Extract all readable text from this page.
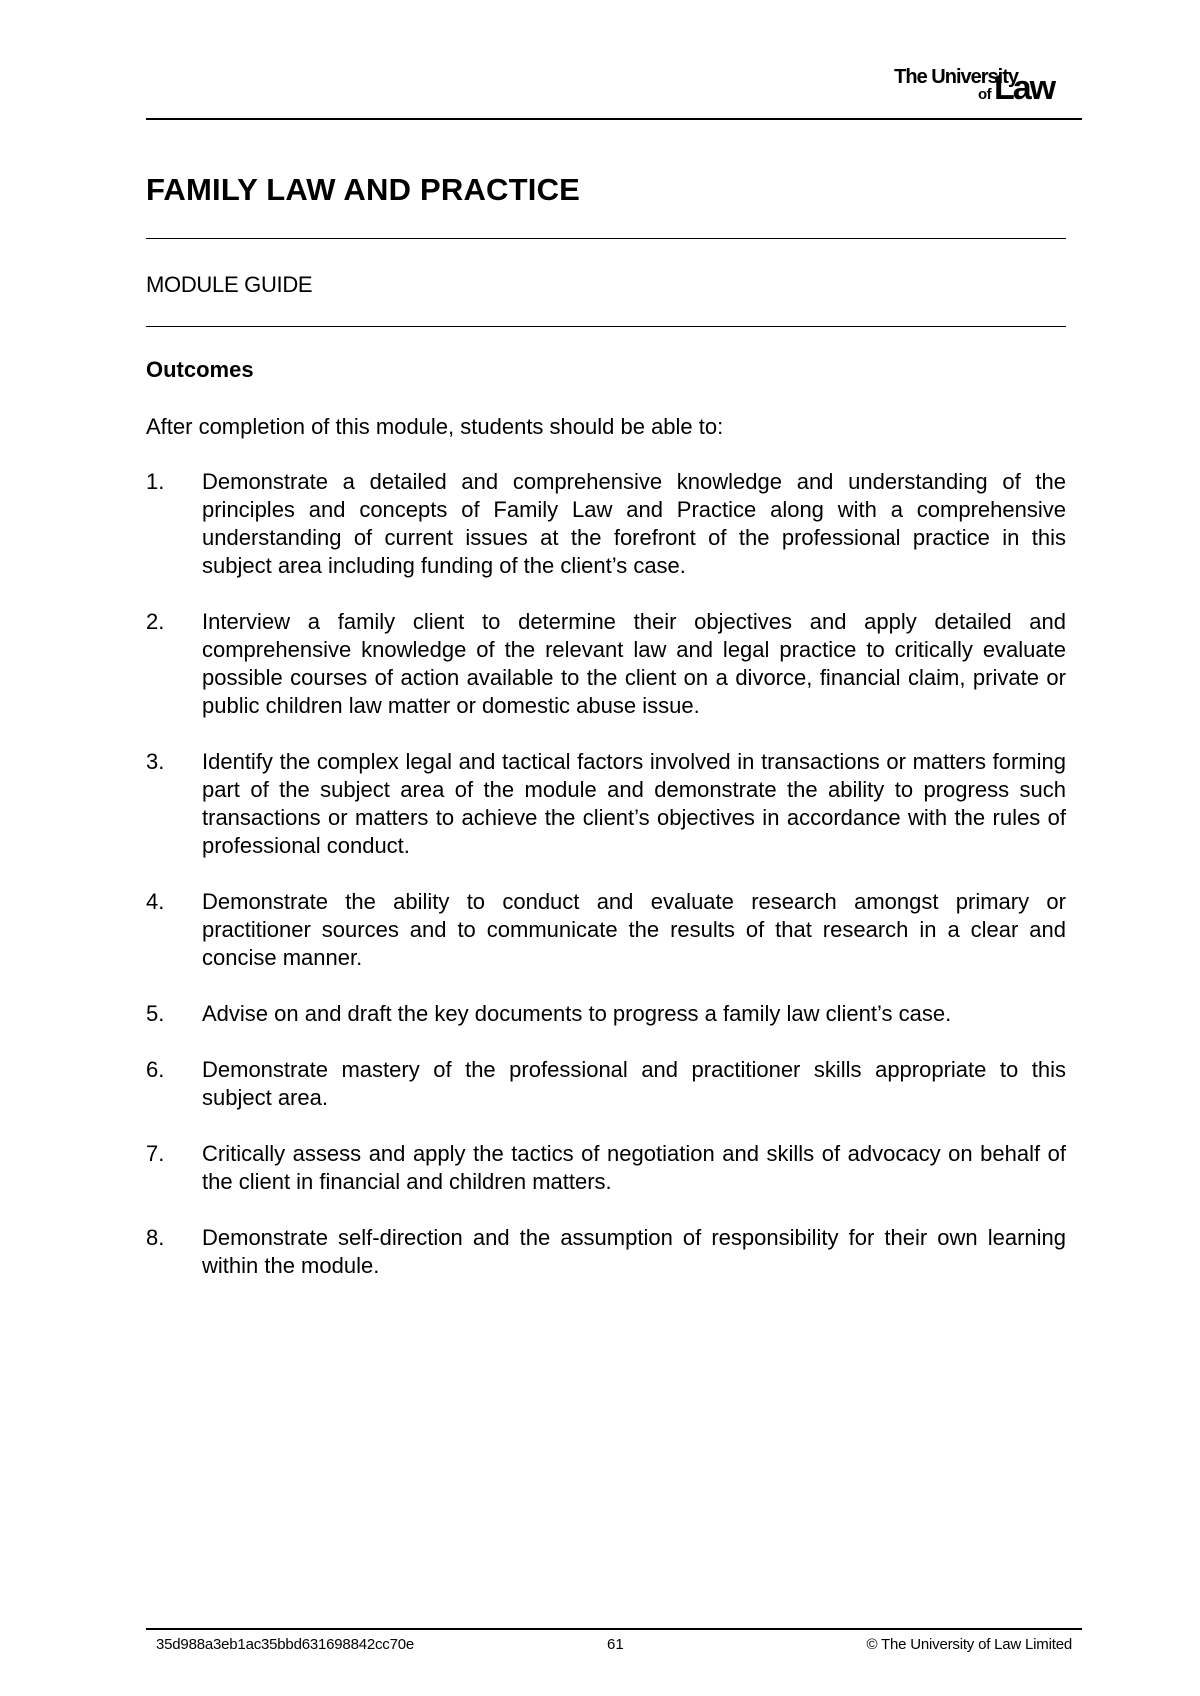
The University
of Law
FAMILY LAW AND PRACTICE
MODULE GUIDE
Outcomes
After completion of this module, students should be able to:
1. Demonstrate a detailed and comprehensive knowledge and understanding of the principles and concepts of Family Law and Practice along with a comprehensive understanding of current issues at the forefront of the professional practice in this subject area including funding of the client’s case.
2. Interview a family client to determine their objectives and apply detailed and comprehensive knowledge of the relevant law and legal practice to critically evaluate possible courses of action available to the client on a divorce, financial claim, private or public children law matter or domestic abuse issue.
3. Identify the complex legal and tactical factors involved in transactions or matters forming part of the subject area of the module and demonstrate the ability to progress such transactions or matters to achieve the client’s objectives in accordance with the rules of professional conduct.
4. Demonstrate the ability to conduct and evaluate research amongst primary or practitioner sources and to communicate the results of that research in a clear and concise manner.
5. Advise on and draft the key documents to progress a family law client’s case.
6. Demonstrate mastery of the professional and practitioner skills appropriate to this subject area.
7. Critically assess and apply the tactics of negotiation and skills of advocacy on behalf of the client in financial and children matters.
8. Demonstrate self-direction and the assumption of responsibility for their own learning within the module.
35d988a3eb1ac35bbd631698842cc70e	61	© The University of Law Limited
